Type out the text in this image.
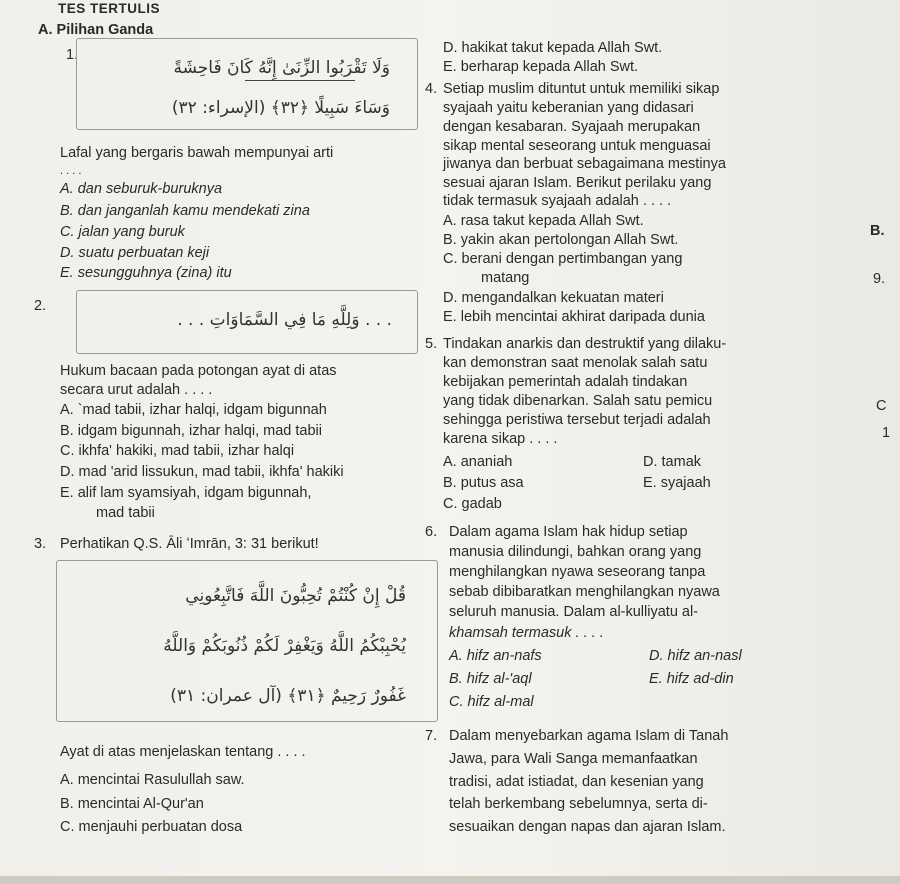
TES TERTULIS
A. Pilihan Ganda
1.
وَلَا تَقْرَبُوا الزِّنَىٰ إِنَّهُ كَانَ فَاحِشَةً
وَسَاءَ سَبِيلًا ﴿٣٢﴾ (الإسراء: ٣٢)
Lafal yang bergaris bawah mempunyai arti
. . . .
A. dan seburuk-buruknya
B. dan janganlah kamu mendekati zina
C. jalan yang buruk
D. suatu perbuatan keji
E. sesungguhnya (zina) itu
2.
. . . وَلِلَّهِ مَا فِي السَّمَاوَاتِ . . .
Hukum bacaan pada potongan ayat di atas
secara urut adalah . . . .
A. `mad tabii, izhar halqi, idgam bigunnah
B. idgam bigunnah, izhar halqi, mad tabii
C. ikhfa' hakiki, mad tabii, izhar halqi
D. mad 'arid lissukun, mad tabii, ikhfa' hakiki
E. alif lam syamsiyah, idgam bigunnah,
mad tabii
3. Perhatikan Q.S. Āli ʻImrān, 3: 31 berikut!
قُلْ إِنْ كُنْتُمْ تُحِبُّونَ اللَّهَ فَاتَّبِعُونِي
يُحْبِبْكُمُ اللَّهُ وَيَغْفِرْ لَكُمْ ذُنُوبَكُمْ وَاللَّهُ
غَفُورٌ رَحِيمٌ ﴿٣١﴾ (آل عمران: ٣١)
Ayat di atas menjelaskan tentang . . . .
A. mencintai Rasulullah saw.
B. mencintai Al-Qur'an
C. menjauhi perbuatan dosa
D. hakikat takut kepada Allah Swt.
E. berharap kepada Allah Swt.
4. Setiap muslim dituntut untuk memiliki sikap
syajaah yaitu keberanian yang didasari
dengan kesabaran. Syajaah merupakan
sikap mental seseorang untuk menguasai
jiwanya dan berbuat sebagaimana mestinya
sesuai ajaran Islam. Berikut perilaku yang
tidak termasuk syajaah adalah . . . .
A. rasa takut kepada Allah Swt.
B. yakin akan pertolongan Allah Swt.
C. berani dengan pertimbangan yang
matang
D. mengandalkan kekuatan materi
E. lebih mencintai akhirat daripada dunia
5. Tindakan anarkis dan destruktif yang dilaku-
kan demonstran saat menolak salah satu
kebijakan pemerintah adalah tindakan
yang tidak dibenarkan. Salah satu pemicu
sehingga peristiwa tersebut terjadi adalah
karena sikap . . . .
A. ananiah	D. tamak
B. putus asa	E. syajaah
C. gadab
6. Dalam agama Islam hak hidup setiap
manusia dilindungi, bahkan orang yang
menghilangkan nyawa seseorang tanpa
sebab dibibaratkan menghilangkan nyawa
seluruh manusia. Dalam al-kulliyatu al-
khamsah termasuk . . . .
A. hifz an-nafs	D. hifz an-nasl
B. hifz al-'aql	E. hifz ad-din
C. hifz al-mal
7. Dalam menyebarkan agama Islam di Tanah
Jawa, para Wali Sanga memanfaatkan
tradisi, adat istiadat, dan kesenian yang
telah berkembang sebelumnya, serta di-
sesuaikan dengan napas dan ajaran Islam.
B.
9.
C
1
